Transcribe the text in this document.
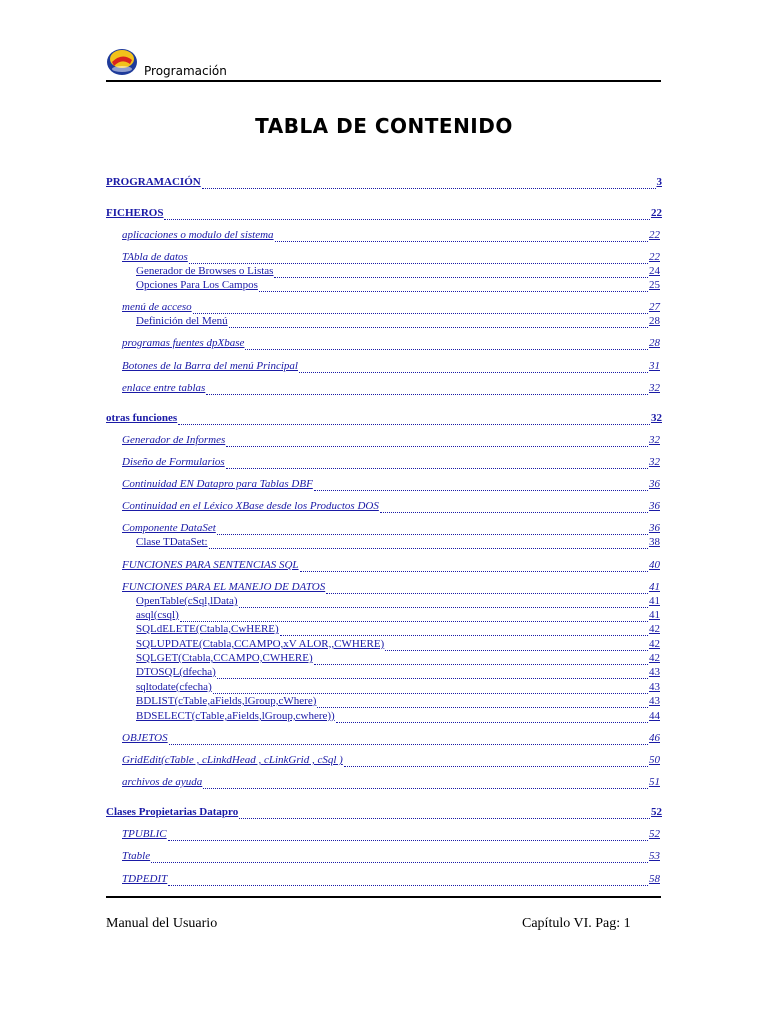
Programación
TABLA DE CONTENIDO
PROGRAMACIÓN	3
FICHEROS	22
aplicaciones o modulo del sistema	22
TAbla de datos	22
Generador de Browses o Listas	24
Opciones Para Los Campos	25
menú de acceso	27
Definición del Menú	28
programas fuentes dpXbase	28
Botones de la Barra del menú Principal	31
enlace entre tablas	32
otras funciones	32
Generador de Informes	32
Diseño de Formularios	32
Continuidad EN Datapro para Tablas DBF	36
Continuidad en el Léxico XBase desde los Productos DOS	36
Componente DataSet	36
Clase TDataSet:	38
FUNCIONES PARA SENTENCIAS SQL	40
FUNCIONES PARA EL MANEJO DE DATOS	41
OpenTable(cSql,lData)	41
asql(csql)	41
SQLdELETE(Ctabla,CwHERE)	42
SQLUPDATE(Ctabla,CCAMPO,xV ALOR,,CWHERE)	42
SQLGET(Ctabla,CCAMPO,CWHERE)	42
DTOSQL(dfecha)	43
sqltodate(cfecha)	43
BDLIST(cTable,aFields,lGroup,cWhere)	43
BDSELECT(cTable,aFields,lGroup,cwhere))	44
OBJETOS	46
GridEdit(cTable , cLinkdHead , cLinkGrid , cSql )	50
archivos de ayuda	51
Clases Propietarias Datapro	52
TPUBLIC	52
Ttable	53
TDPEDIT	58
Manual del Usuario	Capítulo VI. Pag: 1
